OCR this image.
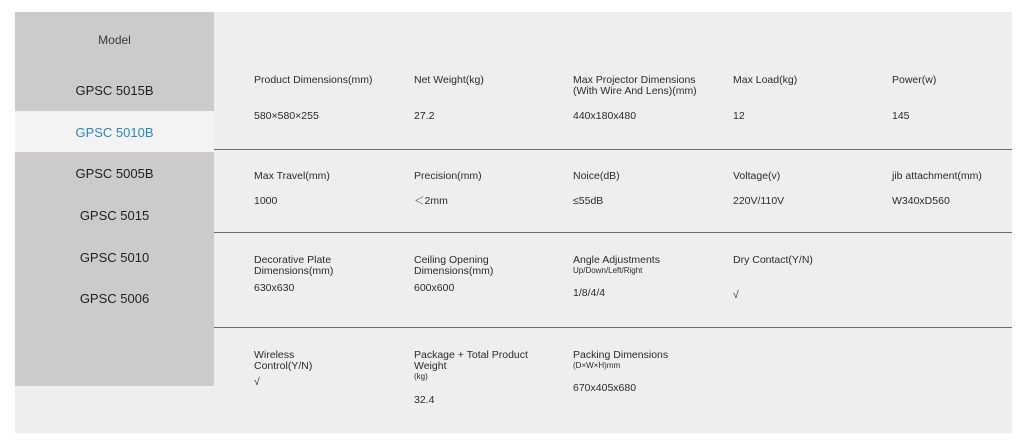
Model
GPSC 5015B
GPSC 5010B
GPSC 5005B
GPSC 5015
GPSC 5010
GPSC 5006
Product Dimensions(mm)
580×580×255
Net Weight(kg)
27.2
Max Projector Dimensions
(With Wire And Lens)(mm)
440x180x480
Max Load(kg)
12
Power(w)
145
Max Travel(mm)
1000
Precision(mm)
＜2mm
Noice(dB)
≤55dB
Voltage(v)
220V/110V
jib attachment(mm)
W340xD560
Decorative Plate
Dimensions(mm)
630x630
Ceiling Opening
Dimensions(mm)
600x600
Angle Adjustments
Up/Down/Left/Right
1/8/4/4
Dry Contact(Y/N)
√
Wireless
Control(Y/N)
√
Package + Total Product
Weight
(kg)
32.4
Packing Dimensions
(D×W×H)mm
670x405x680
